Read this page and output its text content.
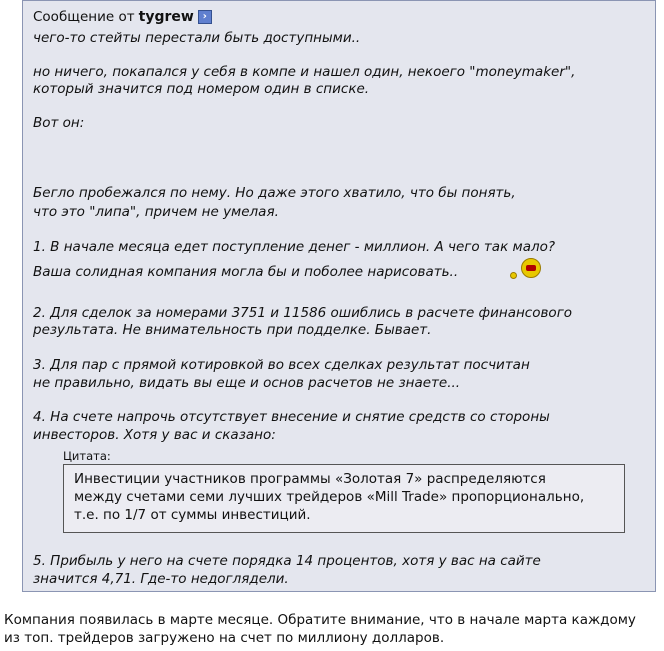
Сообщение от tygrew ›
чего-то стейты перестали быть доступными..
но ничего, покапался у себя в компе и нашел один, некоего "moneymaker",
который значится под номером один в списке.
Вот он:
Бегло пробежался по нему. Но даже этого хватило, что бы понять,
что это "липа", причем не умелая.
1. В начале месяца едет поступление денег - миллион. А чего так мало?
Ваша солидная компания могла бы и поболее нарисовать..
2. Для сделок за номерами 3751 и 11586 ошиблись в расчете финансового
результата. Не внимательность при подделке. Бывает.
3. Для пар с прямой котировкой во всех сделках результат посчитан
не правильно, видать вы еще и основ расчетов не знаете...
4. На счете напрочь отсутствует внесение и снятие средств со стороны
инвесторов. Хотя у вас и сказано:
Цитата:
Инвестиции участников программы «Золотая 7» распределяются
между счетами семи лучших трейдеров «Mill Trade» пропорционально,
т.е. по 1/7 от суммы инвестиций.
5. Прибыль у него на счете порядка 14 процентов, хотя у вас на сайте
значится 4,71. Где-то недоглядели.
Компания появилась в марте месяце. Обратите внимание, что в начале марта каждому
из топ. трейдеров загружено на счет по миллиону долларов.
